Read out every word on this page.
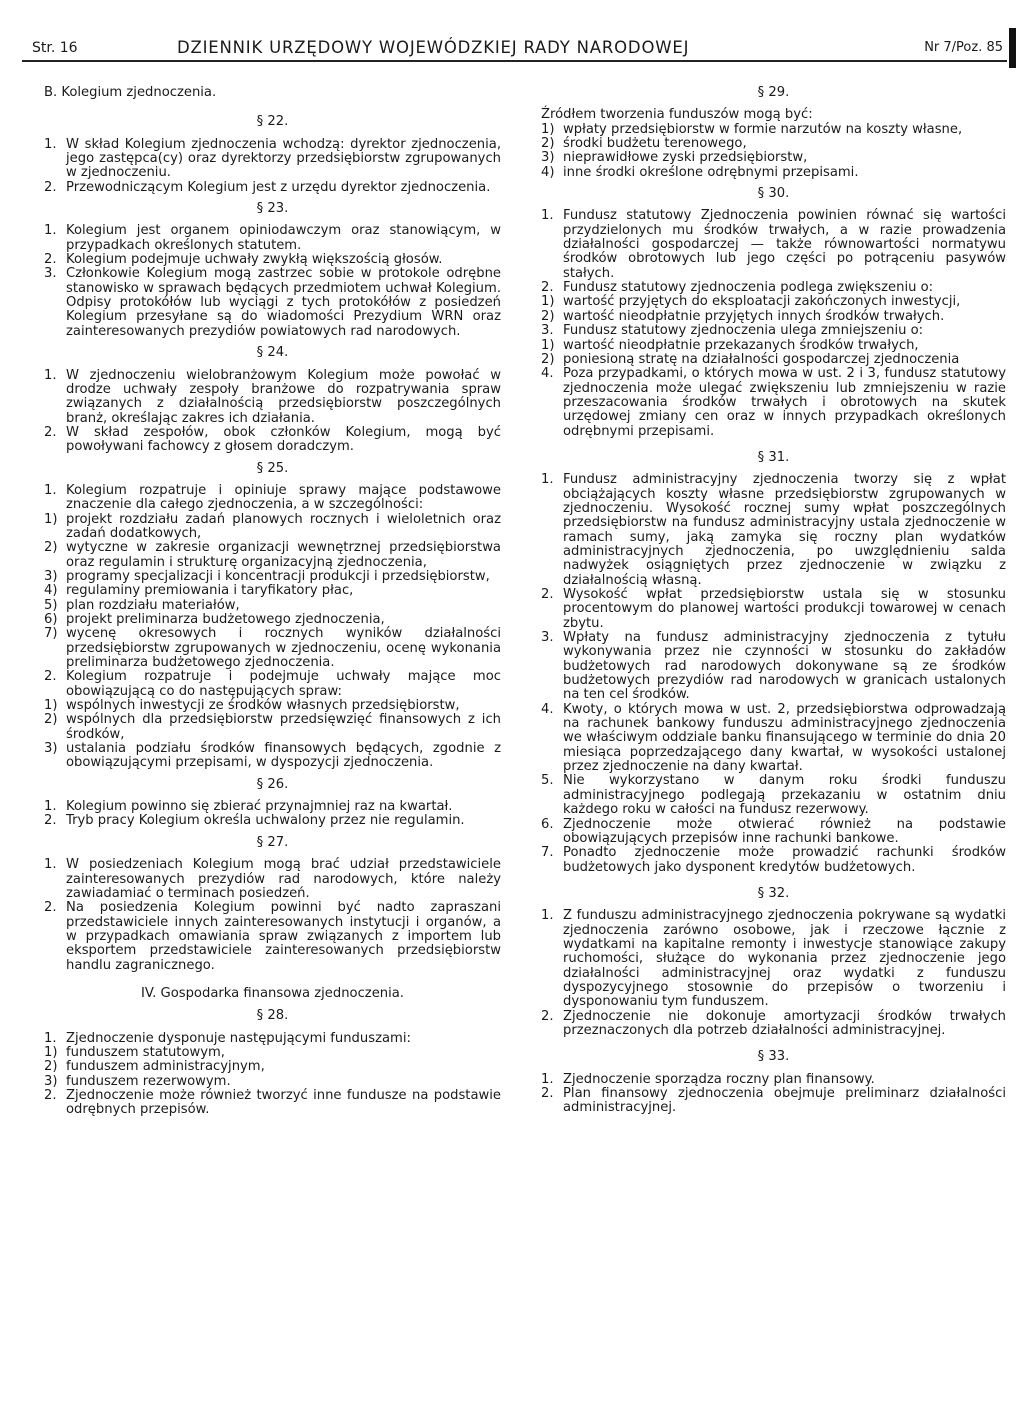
Str. 16	DZIENNIK URZĘDOWY WOJEWÓDZKIEJ RADY NARODOWEJ	Nr 7/Poz. 85

B. Kolegium zjednoczenia.

§ 22.

1. W skład Kolegium zjednoczenia wchodzą: dyrektor zjednoczenia, jego zastępca(cy) oraz dyrektorzy przedsiębiorstw zgrupowanych w zjednoczeniu.
2. Przewodniczącym Kolegium jest z urzędu dyrektor zjednoczenia.

§ 23.

1. Kolegium jest organem opiniodawczym oraz stanowiącym, w przypadkach określonych statutem.
2. Kolegium podejmuje uchwały zwykłą większością głosów.
3. Członkowie Kolegium mogą zastrzec sobie w protokole odrębne stanowisko w sprawach będących przedmiotem uchwał Kolegium. Odpisy protokółów lub wyciągi z tych protokółów z posiedzeń Kolegium przesyłane są do wiadomości Prezydium WRN oraz zainteresowanych prezydiów powiatowych rad narodowych.

§ 24.

1. W zjednoczeniu wielobranżowym Kolegium może powołać w drodze uchwały zespoły branżowe do rozpatrywania spraw związanych z działalnością przedsiębiorstw poszczególnych branż, określając zakres ich działania.
2. W skład zespołów, obok członków Kolegium, mogą być powoływani fachowcy z głosem doradczym.

§ 25.

1. Kolegium rozpatruje i opiniuje sprawy mające podstawowe znaczenie dla całego zjednoczenia, a w szczególności:
1) projekt rozdziału zadań planowych rocznych i wieloletnich oraz zadań dodatkowych,
2) wytyczne w zakresie organizacji wewnętrznej przedsiębiorstwa oraz regulamin i strukturę organizacyjną zjednoczenia,
3) programy specjalizacji i koncentracji produkcji i przedsiębiorstw,
4) regulaminy premiowania i taryfikatory płac,
5) plan rozdziału materiałów,
6) projekt preliminarza budżetowego zjednoczenia,
7) wycenę okresowych i rocznych wyników działalności przedsiębiorstw zgrupowanych w zjednoczeniu, ocenę wykonania preliminarza budżetowego zjednoczenia.
2. Kolegium rozpatruje i podejmuje uchwały mające moc obowiązującą co do następujących spraw:
1) wspólnych inwestycji ze środków własnych przedsiębiorstw,
2) wspólnych dla przedsiębiorstw przedsięwzięć finansowych z ich środków,
3) ustalania podziału środków finansowych będących, zgodnie z obowiązującymi przepisami, w dyspozycji zjednoczenia.

§ 26.

1. Kolegium powinno się zbierać przynajmniej raz na kwartał.
2. Tryb pracy Kolegium określa uchwalony przez nie regulamin.

§ 27.

1. W posiedzeniach Kolegium mogą brać udział przedstawiciele zainteresowanych prezydiów rad narodowych, które należy zawiadamiać o terminach posiedzeń.
2. Na posiedzenia Kolegium powinni być nadto zapraszani przedstawiciele innych zainteresowanych instytucji i organów, a w przypadkach omawiania spraw związanych z importem lub eksportem przedstawiciele zainteresowanych przedsiębiorstw handlu zagranicznego.

IV. Gospodarka finansowa zjednoczenia.

§ 28.

1. Zjednoczenie dysponuje następującymi funduszami:
1) funduszem statutowym,
2) funduszem administracyjnym,
3) funduszem rezerwowym.
2. Zjednoczenie może również tworzyć inne fundusze na podstawie odrębnych przepisów.

§ 29.

Źródłem tworzenia funduszów mogą być:

1) wpłaty przedsiębiorstw w formie narzutów na koszty własne,
2) środki budżetu terenowego,
3) nieprawidłowe zyski przedsiębiorstw,
4) inne środki określone odrębnymi przepisami.

§ 30.

1. Fundusz statutowy Zjednoczenia powinien równać się wartości przydzielonych mu środków trwałych, a w razie prowadzenia działalności gospodarczej — także równowartości normatywu środków obrotowych lub jego części po potrąceniu pasywów stałych.
2. Fundusz statutowy zjednoczenia podlega zwiększeniu o:
1) wartość przyjętych do eksploatacji zakończonych inwestycji,
2) wartość nieodpłatnie przyjętych innych środków trwałych.
3. Fundusz statutowy zjednoczenia ulega zmniejszeniu o:
1) wartość nieodpłatnie przekazanych środków trwałych,
2) poniesioną stratę na działalności gospodarczej zjednoczenia
4. Poza przypadkami, o których mowa w ust. 2 i 3, fundusz statutowy zjednoczenia może ulegać zwiększeniu lub zmniejszeniu w razie przeszacowania środków trwałych i obrotowych na skutek urzędowej zmiany cen oraz w innych przypadkach określonych odrębnymi przepisami.

§ 31.

1. Fundusz administracyjny zjednoczenia tworzy się z wpłat obciążających koszty własne przedsiębiorstw zgrupowanych w zjednoczeniu. Wysokość rocznej sumy wpłat poszczególnych przedsiębiorstw na fundusz administracyjny ustala zjednoczenie w ramach sumy, jaką zamyka się roczny plan wydatków administracyjnych zjednoczenia, po uwzględnieniu salda nadwyżek osiągniętych przez zjednoczenie w związku z działalnością własną.
2. Wysokość wpłat przedsiębiorstw ustala się w stosunku procentowym do planowej wartości produkcji towarowej w cenach zbytu.
3. Wpłaty na fundusz administracyjny zjednoczenia z tytułu wykonywania przez nie czynności w stosunku do zakładów budżetowych rad narodowych dokonywane są ze środków budżetowych prezydiów rad narodowych w granicach ustalonych na ten cel środków.
4. Kwoty, o których mowa w ust. 2, przedsiębiorstwa odprowadzają na rachunek bankowy funduszu administracyjnego zjednoczenia we właściwym oddziale banku finansującego w terminie do dnia 20 miesiąca poprzedzającego dany kwartał, w wysokości ustalonej przez zjednoczenie na dany kwartał.
5. Nie wykorzystano w danym roku środki funduszu administracyjnego podlegają przekazaniu w ostatnim dniu każdego roku w całości na fundusz rezerwowy.
6. Zjednoczenie może otwierać również na podstawie obowiązujących przepisów inne rachunki bankowe.
7. Ponadto zjednoczenie może prowadzić rachunki środków budżetowych jako dysponent kredytów budżetowych.

§ 32.

1. Z funduszu administracyjnego zjednoczenia pokrywane są wydatki zjednoczenia zarówno osobowe, jak i rzeczowe łącznie z wydatkami na kapitalne remonty i inwestycje stanowiące zakupy ruchomości, służące do wykonania przez zjednoczenie jego działalności administracyjnej oraz wydatki z funduszu dyspozycyjnego stosownie do przepisów o tworzeniu i dysponowaniu tym funduszem.
2. Zjednoczenie nie dokonuje amortyzacji środków trwałych przeznaczonych dla potrzeb działalności administracyjnej.

§ 33.

1. Zjednoczenie sporządza roczny plan finansowy.
2. Plan finansowy zjednoczenia obejmuje preliminarz działalności administracyjnej.
